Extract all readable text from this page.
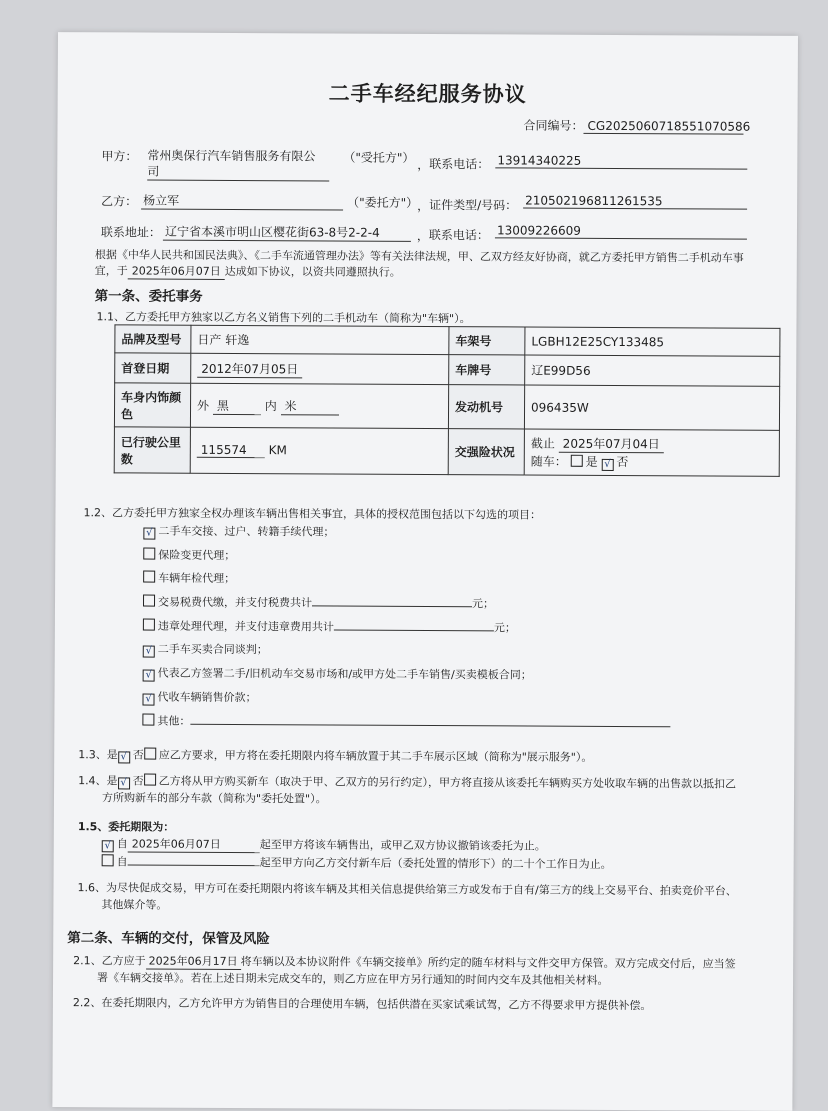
二手车经纪服务协议
合同编号： CG2025060718551070586
甲方： 常州奥保行汽车销售服务有限公
司
（"受托方"）
， 联系电话： 13914340225
乙方： 杨立军	（"委托方"）
， 证件类型/号码： 210502196811261535
联系地址： 辽宁省本溪市明山区樱花街63-8号2-2-4	， 联系电话： 13009226609
根据《中华人民共和国民法典》、《二手车流通管理办法》等有关法律法规，甲、乙双方经友好协商，就乙方委托甲方销售二手机动车事
宜，于 2025年06月07日 达成如下协议，以资共同遵照执行。
第一条、委托事务
1.1、乙方委托甲方独家以乙方名义销售下列的二手机动车（简称为"车辆"）。
品牌及型号	日产 轩逸	车架号	LGBH12E25CY133485
首登日期	2012年07月05日	车牌号	辽E99D56
车身内饰颜
色	外 黑 内 米	发动机号	096435W
已行驶公里
数	115574 KM	交强险状况	截止 2025年07月04日
随车： 是 √ 否
1.2、乙方委托甲方独家全权办理该车辆出售相关事宜，具体的授权范围包括以下勾选的项目：
√ 二手车交接、过户、转籍手续代理；
保险变更代理；
车辆年检代理；
交易税费代缴，并支付税费共计	元；
违章处理代理，并支付违章费用共计	元；
√ 二手车买卖合同谈判；
√ 代表乙方签署二手/旧机动车交易市场和/或甲方处二手车销售/买卖模板合同；
√ 代收车辆销售价款；
其他：
1.3、是 √ 否 应乙方要求，甲方将在委托期限内将车辆放置于其二手车展示区域（简称为"展示服务"）。
1.4、是 √ 否 乙方将从甲方购买新车（取决于甲、乙双方的另行约定），甲方将直接从该委托车辆购买方处收取车辆的出售款以抵扣乙
方所购新车的部分车款（简称为"委托处置"）。
1.5、委托期限为：
√ 自 2025年06月07日	起至甲方将该车辆售出，或甲乙双方协议撤销该委托为止。
自	起至甲方向乙方交付新车后（委托处置的情形下）的二十个工作日为止。
1.6、为尽快促成交易，甲方可在委托期限内将该车辆及其相关信息提供给第三方或发布于自有/第三方的线上交易平台、拍卖竞价平台、
其他媒介等。
第二条、车辆的交付，保管及风险
2.1、乙方应于 2025年06月17日 将车辆以及本协议附件《车辆交接单》所约定的随车材料与文件交甲方保管。双方完成交付后，应当签
署《车辆交接单》。若在上述日期未完成交车的，则乙方应在甲方另行通知的时间内交车及其他相关材料。
2.2、在委托期限内，乙方允许甲方为销售目的合理使用车辆，包括供潜在买家试乘试驾，乙方不得要求甲方提供补偿。
